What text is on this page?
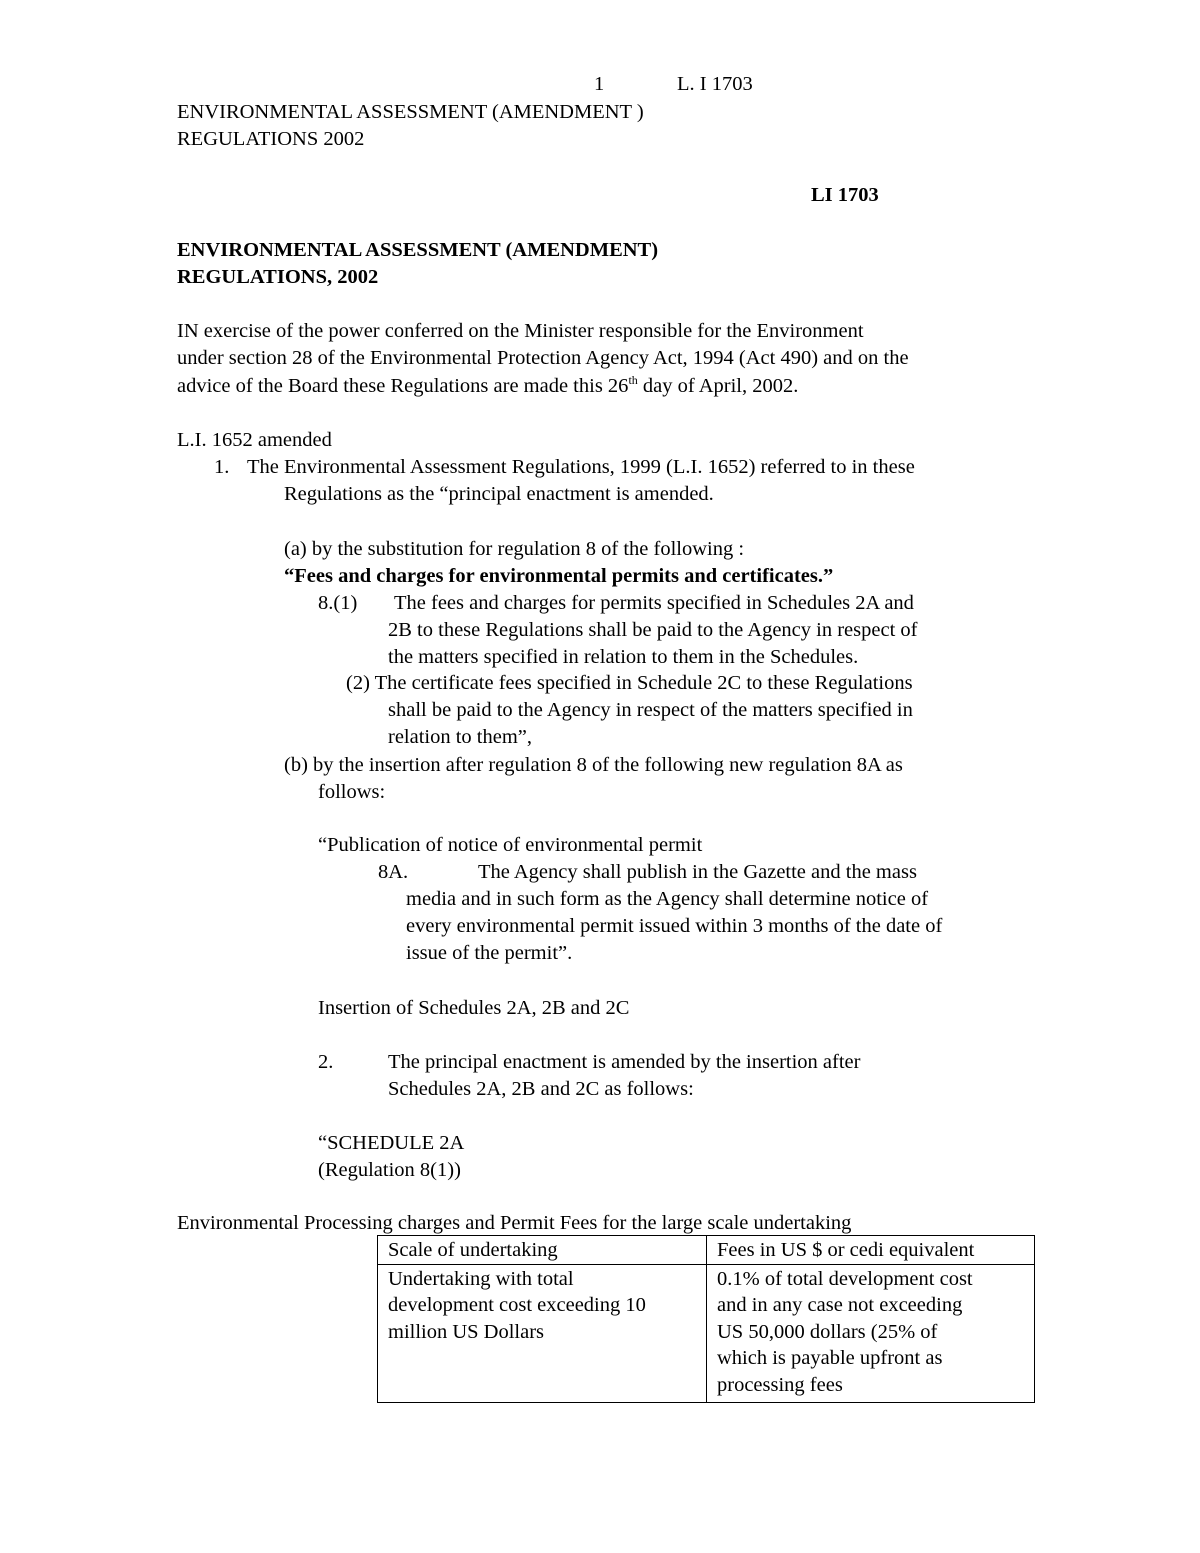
1	L. I 1703
ENVIRONMENTAL ASSESSMENT (AMENDMENT )
REGULATIONS 2002
LI 1703
ENVIRONMENTAL ASSESSMENT (AMENDMENT)
REGULATIONS, 2002
IN exercise of the power conferred on the Minister responsible for the Environment
under section 28 of the Environmental Protection Agency Act, 1994 (Act 490) and on the
advice of the Board these Regulations are made this 26th day of April, 2002.
L.I. 1652 amended
1. The Environmental Assessment Regulations, 1999 (L.I. 1652) referred to in these
Regulations as the “principal enactment is amended.
(a) by the substitution for regulation 8 of the following :
“Fees and charges for environmental permits and certificates.”
8.(1) The fees and charges for permits specified in Schedules 2A and
2B to these Regulations shall be paid to the Agency in respect of
the matters specified in relation to them in the Schedules.
(2) The certificate fees specified in Schedule 2C to these Regulations
shall be paid to the Agency in respect of the matters specified in
relation to them”,
(b) by the insertion after regulation 8 of the following new regulation 8A as
follows:
“Publication of notice of environmental permit
8A.	The Agency shall publish in the Gazette and the mass
media and in such form as the Agency shall determine notice of
every environmental permit issued within 3 months of the date of
issue of the permit”.
Insertion of Schedules 2A, 2B and 2C
2.	The principal enactment is amended by the insertion after
Schedules 2A, 2B and 2C as follows:
“SCHEDULE 2A
(Regulation 8(1))
Environmental Processing charges and Permit Fees for the large scale undertaking
Scale of undertaking	Fees in US $ or cedi equivalent
Undertaking with total
development cost exceeding 10
million US Dollars	0.1% of total development cost
and in any case not exceeding
US 50,000 dollars (25% of
which is payable upfront as
processing fees
